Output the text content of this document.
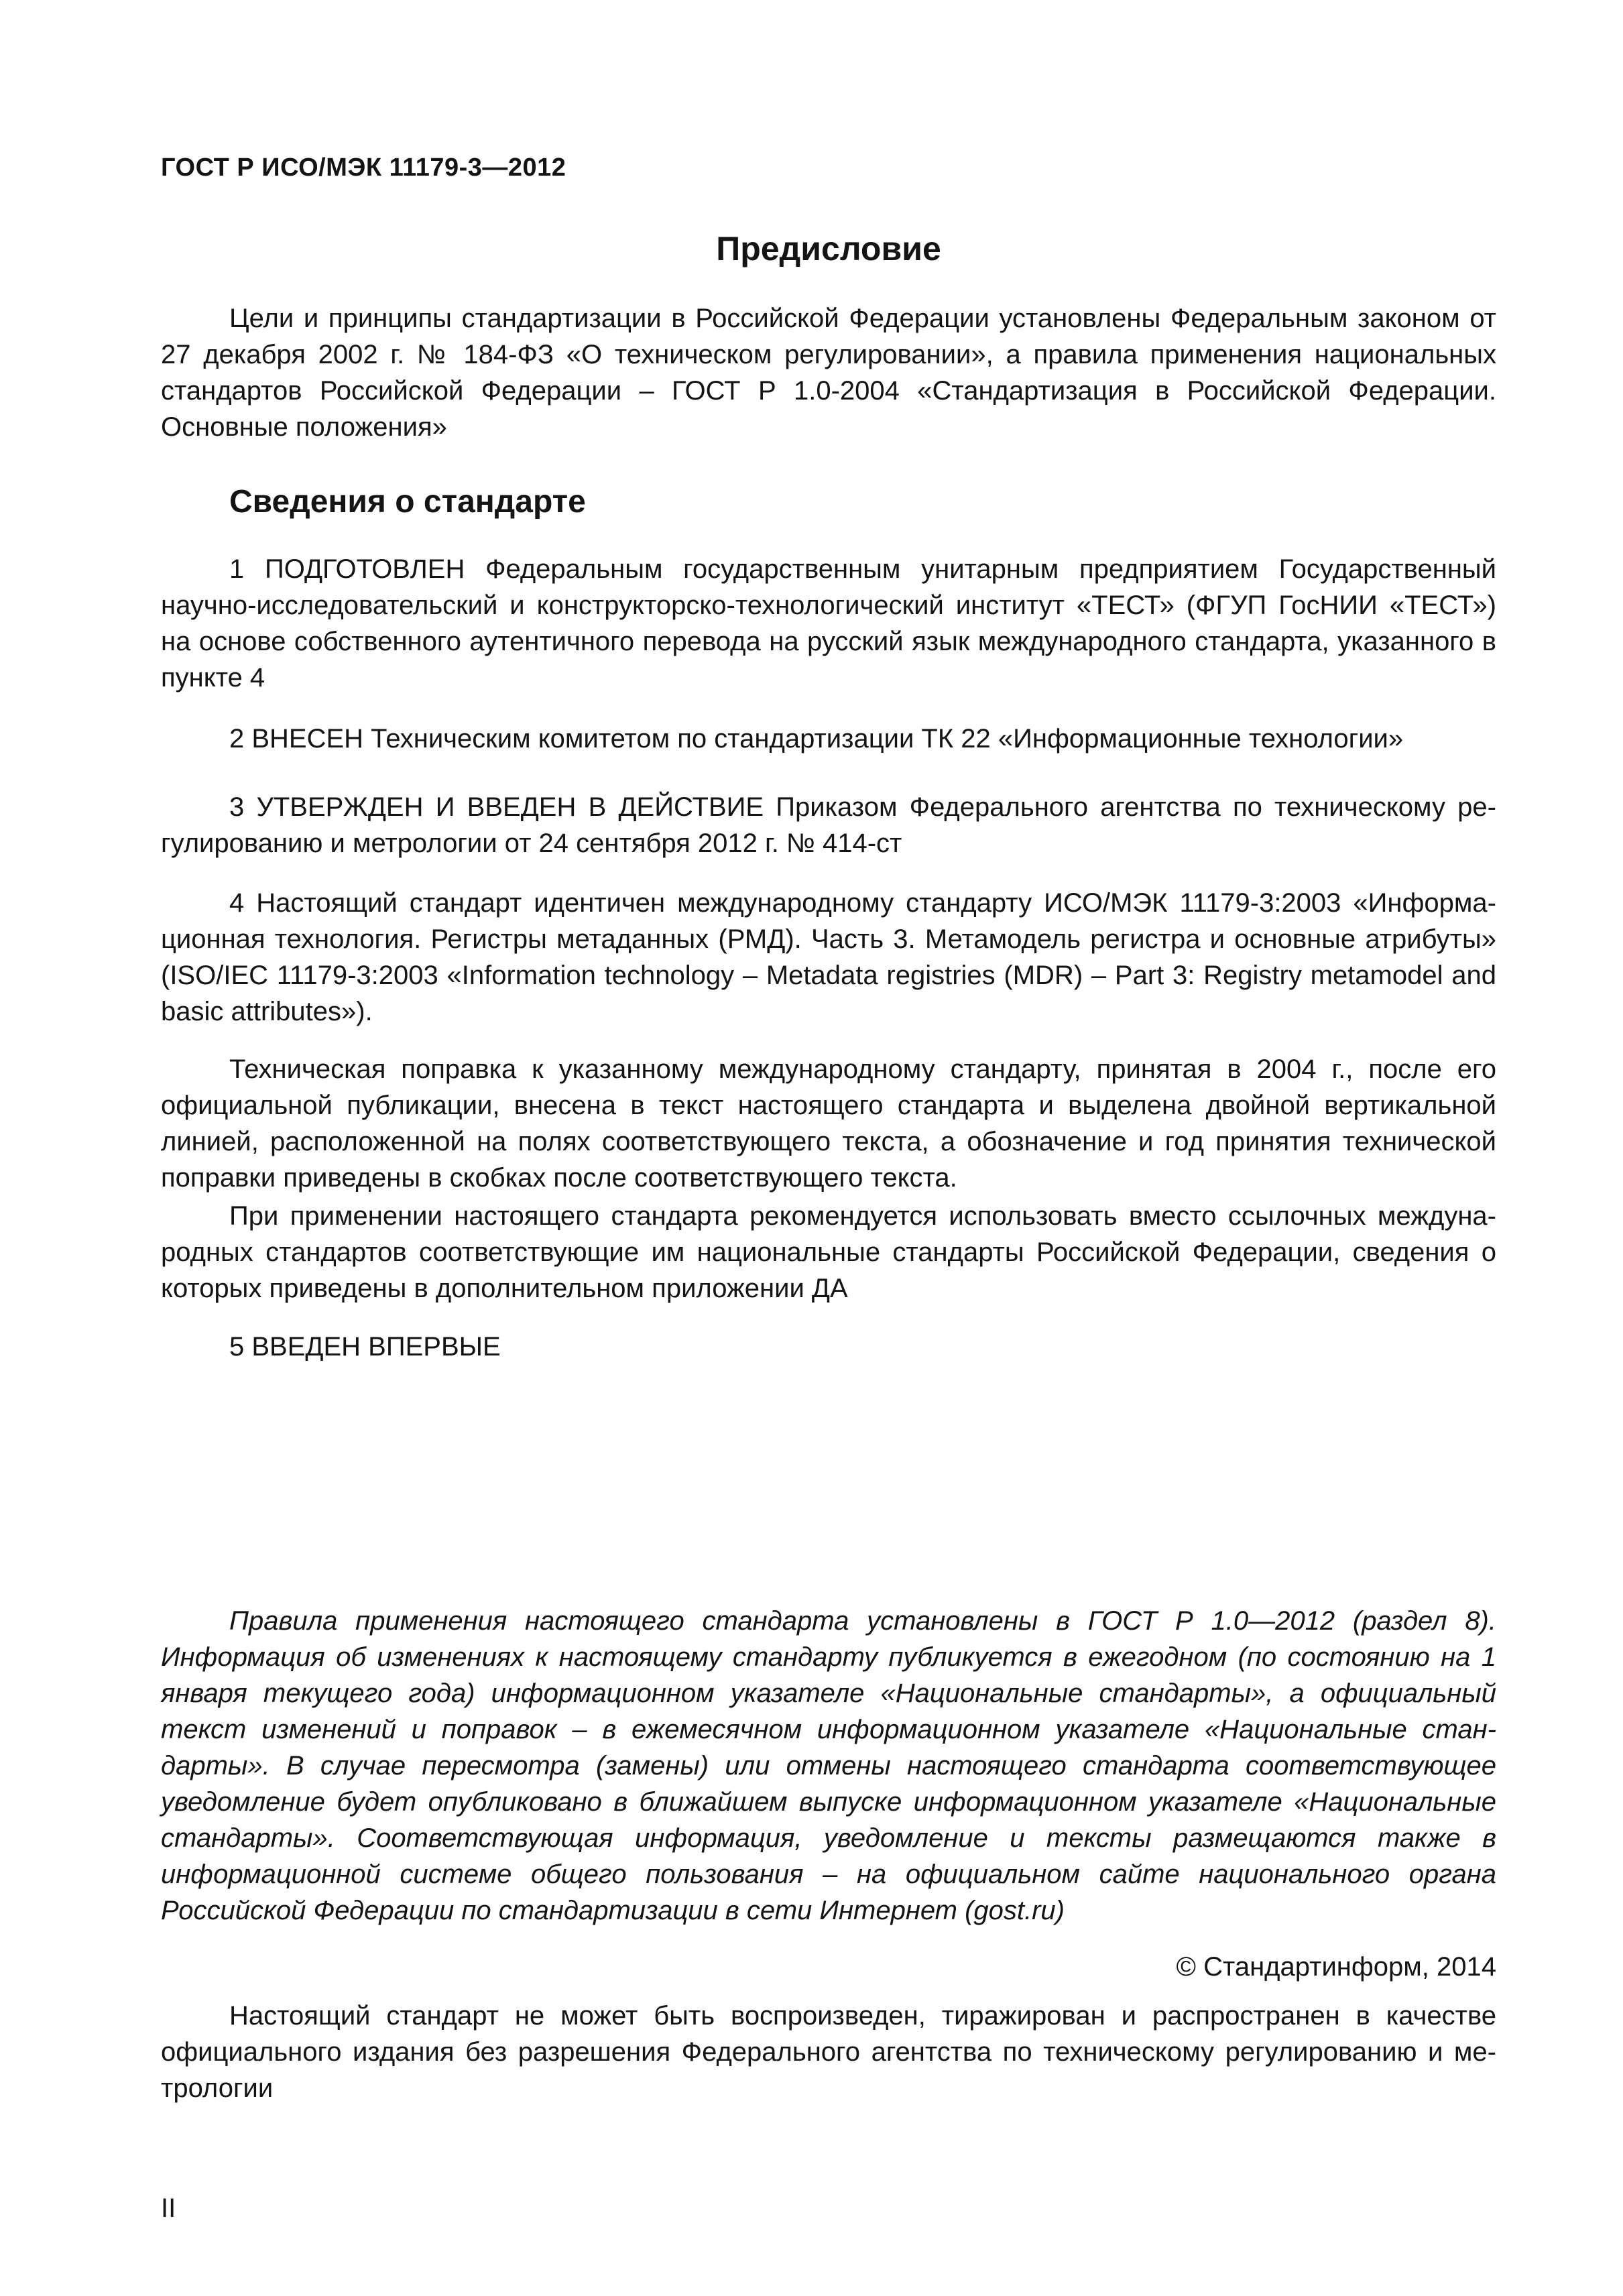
ГОСТ Р ИСО/МЭК 11179-3—2012
Предисловие

Цели и принципы стандартизации в Российской Федерации установлены Федеральным законом от 27 декабря 2002 г. № 184-ФЗ «О техническом регулировании», а правила применения национальных стандартов Российской Федерации – ГОСТ Р 1.0-2004 «Стандартизация в Российской Федерации. Основные положения»

Сведения о стандарте

1 ПОДГОТОВЛЕН Федеральным государственным унитарным предприятием Государственный научно-исследовательский и конструкторско-технологический институт «ТЕСТ» (ФГУП ГосНИИ «ТЕСТ») на основе собственного аутентичного перевода на русский язык международного стандарта, указанного в пункте 4

2 ВНЕСЕН Техническим комитетом по стандартизации ТК 22 «Информационные технологии»

3 УТВЕРЖДЕН И ВВЕДЕН В ДЕЙСТВИЕ Приказом Федерального агентства по техническому регулированию и метрологии от 24 сентября 2012 г. № 414-ст

4 Настоящий стандарт идентичен международному стандарту ИСО/МЭК 11179-3:2003 «Информационная технология. Регистры метаданных (РМД). Часть 3. Метамодель регистра и основные атрибуты» (ISO/IEC 11179-3:2003 «Information technology – Metadata registries (MDR) – Part 3: Registry metamodel and basic attributes»).

Техническая поправка к указанному международному стандарту, принятая в 2004 г., после его официальной публикации, внесена в текст настоящего стандарта и выделена двойной вертикальной линией, расположенной на полях соответствующего текста, а обозначение и год принятия технической поправки приведены в скобках после соответствующего текста.

При применении настоящего стандарта рекомендуется использовать вместо ссылочных международных стандартов соответствующие им национальные стандарты Российской Федерации, сведения о которых приведены в дополнительном приложении ДА

5 ВВЕДЕН ВПЕРВЫЕ

Правила применения настоящего стандарта установлены в ГОСТ Р 1.0—2012 (раздел 8). Информация об изменениях к настоящему стандарту публикуется в ежегодном (по состоянию на 1 января текущего года) информационном указателе «Национальные стандарты», а официальный текст изменений и поправок – в ежемесячном информационном указателе «Национальные стандарты». В случае пересмотра (замены) или отмены настоящего стандарта соответствующее уведомление будет опубликовано в ближайшем выпуске информационном указателе «Национальные стандарты». Соответствующая информация, уведомление и тексты размещаются также в информационной системе общего пользования – на официальном сайте национального органа Российской Федерации по стандартизации в сети Интернет (gost.ru)

© Стандартинформ, 2014

Настоящий стандарт не может быть воспроизведен, тиражирован и распространен в качестве официального издания без разрешения Федерального агентства по техническому регулированию и метрологии

II
